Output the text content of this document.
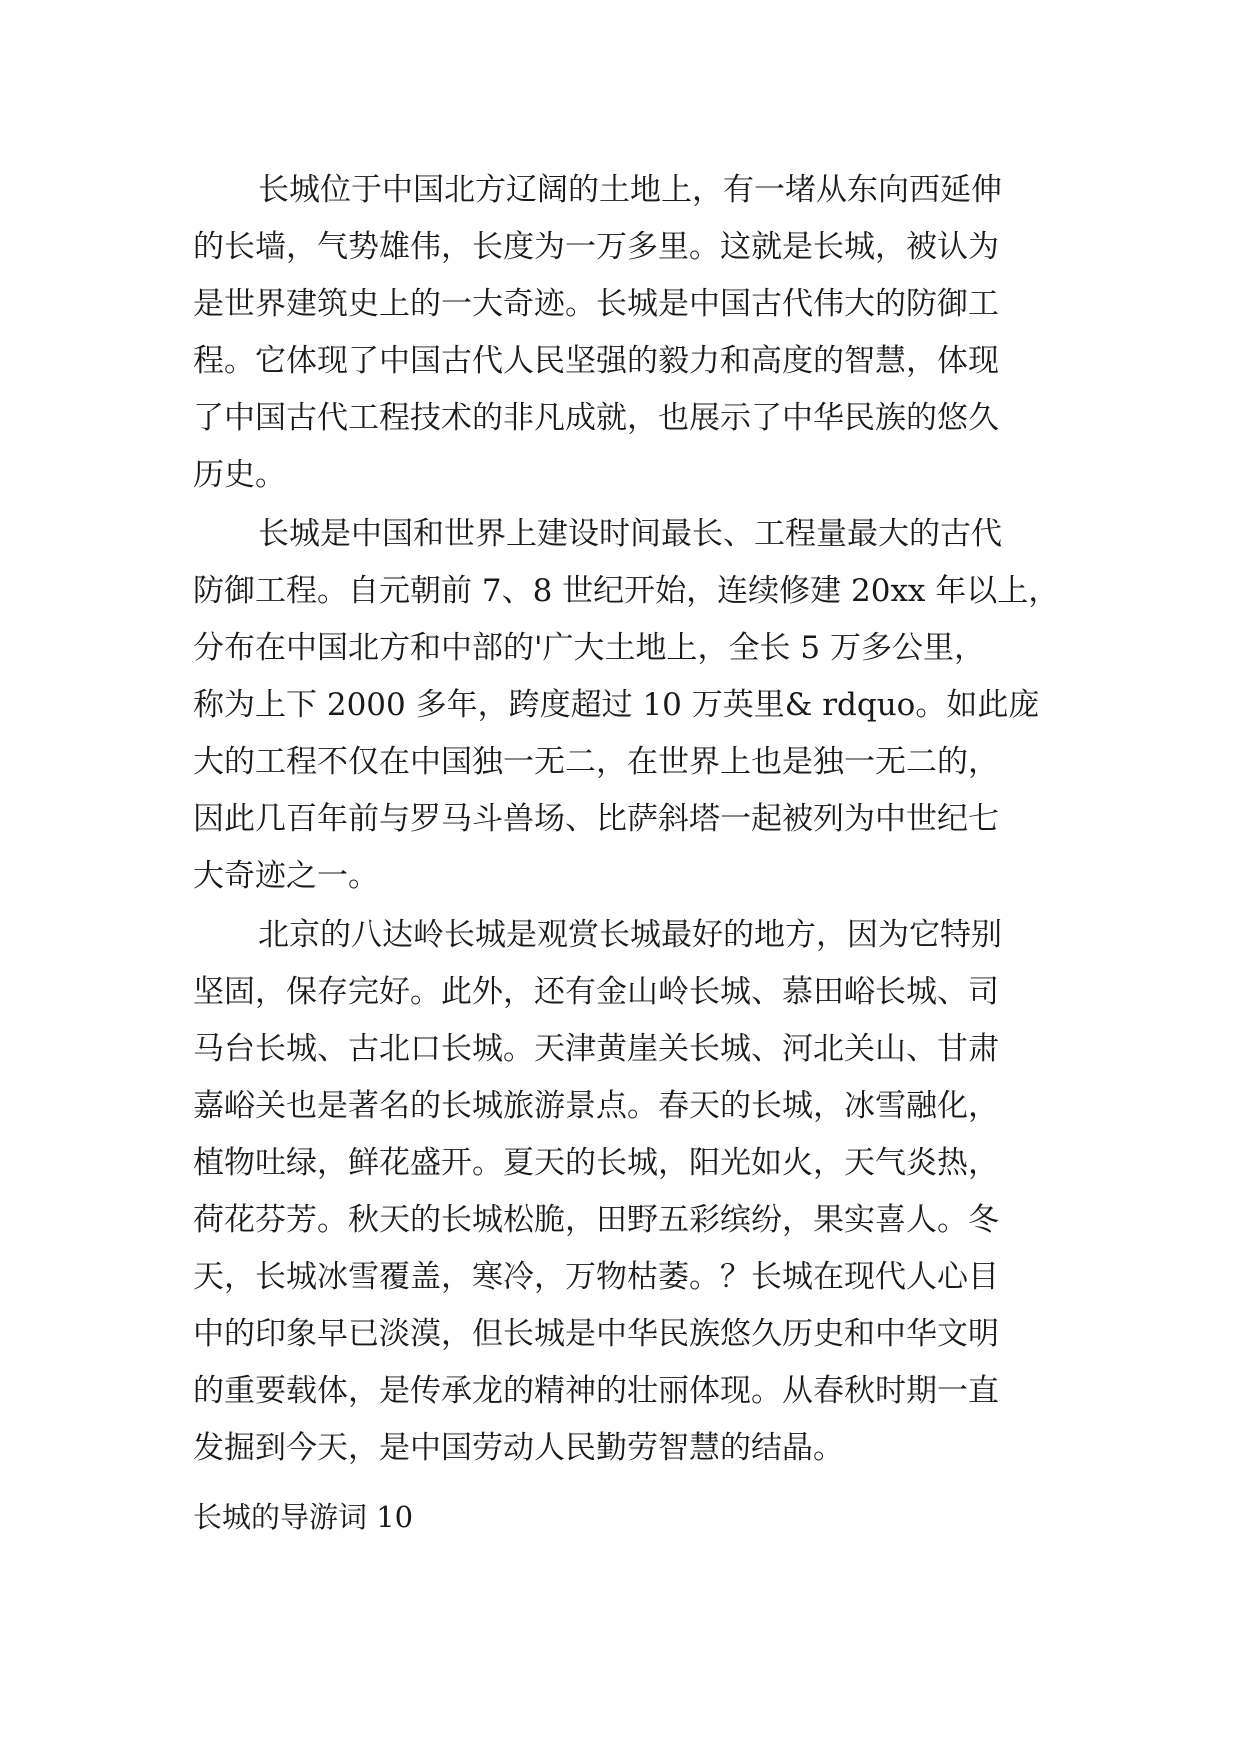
长城位于中国北方辽阔的土地上，有一堵从东向西延伸

的长墙，气势雄伟，长度为一万多里。这就是长城，被认为

是世界建筑史上的一大奇迹。长城是中国古代伟大的防御工

程。它体现了中国古代人民坚强的毅力和高度的智慧，体现

了中国古代工程技术的非凡成就，也展示了中华民族的悠久

历史。

长城是中国和世界上建设时间最长、工程量最大的古代

防御工程。自元朝前 7、8 世纪开始，连续修建 20xx 年以上，

分布在中国北方和中部的'广大土地上，全长 5 万多公里，

称为上下 2000 多年，跨度超过 10 万英里& rdquo。如此庞

大的工程不仅在中国独一无二，在世界上也是独一无二的，

因此几百年前与罗马斗兽场、比萨斜塔一起被列为中世纪七

大奇迹之一。

北京的八达岭长城是观赏长城最好的地方，因为它特别

坚固，保存完好。此外，还有金山岭长城、慕田峪长城、司

马台长城、古北口长城。天津黄崖关长城、河北关山、甘肃

嘉峪关也是著名的长城旅游景点。春天的长城，冰雪融化，

植物吐绿，鲜花盛开。夏天的长城，阳光如火，天气炎热，

荷花芬芳。秋天的长城松脆，田野五彩缤纷，果实喜人。冬

天，长城冰雪覆盖，寒冷，万物枯萎。？长城在现代人心目

中的印象早已淡漠，但长城是中华民族悠久历史和中华文明

的重要载体，是传承龙的精神的壮丽体现。从春秋时期一直

发掘到今天，是中国劳动人民勤劳智慧的结晶。

长城的导游词 10
